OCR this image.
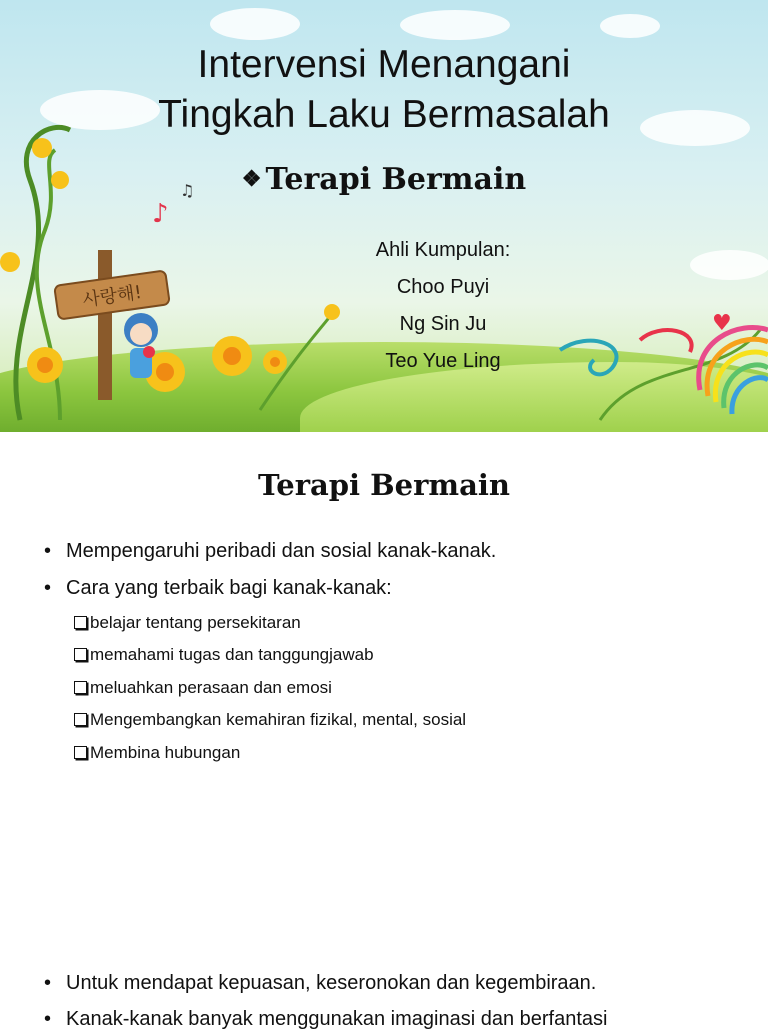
사랑해!
♪
♫
♥
Intervensi Menangani
Tingkah Laku Bermasalah
❖ Terapi Bermain
Ahli Kumpulan:
Choo Puyi
Ng Sin Ju
Teo Yue Ling
Terapi Bermain
• Mempengaruhi peribadi dan sosial kanak-kanak.
• Cara yang terbaik bagi kanak-kanak:
belajar tentang persekitaran
memahami tugas dan tanggungjawab
meluahkan perasaan dan emosi
Mengembangkan kemahiran fizikal, mental, sosial
Membina hubungan
• Untuk mendapat kepuasan, keseronokan dan kegembiraan.
• Kanak-kanak banyak menggunakan imaginasi dan berfantasi
